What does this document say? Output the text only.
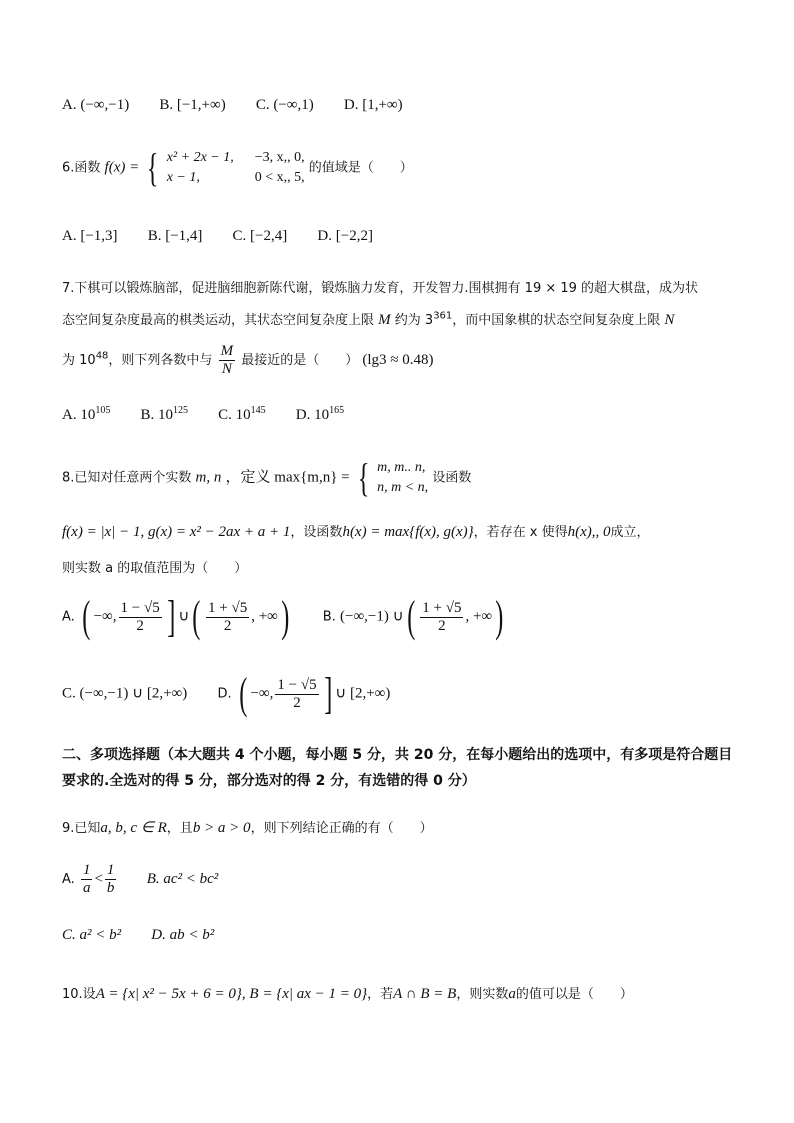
A. (−∞,−1) B. [−1,+∞) C. (−∞,1) D. [1,+∞)
6.函数 f(x) = { x² + 2x − 1, −3, x,, 0,
x − 1,	0 < x,, 5,
的值域是（　　）
A. [−1,3] B. [−1,4] C. [−2,4] D. [−2,2]
7.下棋可以锻炼脑部，促进脑细胞新陈代谢，锻炼脑力发育，开发智力.围棋拥有 19 × 19 的超大棋盘，成为状
态空间复杂度最高的棋类运动，其状态空间复杂度上限 M 约为 $3^{361}$，而中国象棋的状态空间复杂度上限 N
为 $10^{48}$，则下列各数中与 $\frac{M}{N}$ 最接近的是（　　） (lg3 ≈ 0.48)
A. $10^{105}$ B. $10^{125}$ C. $10^{145}$ D. $10^{165}$
8.已知对任意两个实数 m, n ，定义 max{m,n} = { m, m.. n,
n, m < n,
设函数
f(x) = |x| − 1, g(x) = x² − 2ax + a + 1，设函数h(x) = max{f(x), g(x)}，若存在 x 使得h(x),, 0成立，
则实数 a 的取值范围为（　　）
A. ( −∞, $\frac{1 - √5}{2}$ ] ∪( $\frac{1 + √5}{2}$ , +∞)	B. (−∞,−1) ∪( $\frac{1 + √5}{2}$ , +∞)
C. (−∞,−1) ∪ [2,+∞) D. ( −∞, $\frac{1 - √5}{2}$ ] ∪ [2,+∞)
二、多项选择题（本大题共 4 个小题，每小题 5 分，共 20 分，在每小题给出的选项中，有多项是符合题目要求的.全选对的得 5 分，部分选对的得 2 分，有选错的得 0 分）
9.已知a, b, c ∈ R，且b > a > 0，则下列结论正确的有（　　）
A. $\frac{1}{a} < \frac{1}{b} B$. ac² < bc²
C. a² < b² D. ab < b²
10.设A = {x| x² − 5x + 6 = 0}, B = {x| ax − 1 = 0}，若A ∩ B = B，则实数a的值可以是（　　）
